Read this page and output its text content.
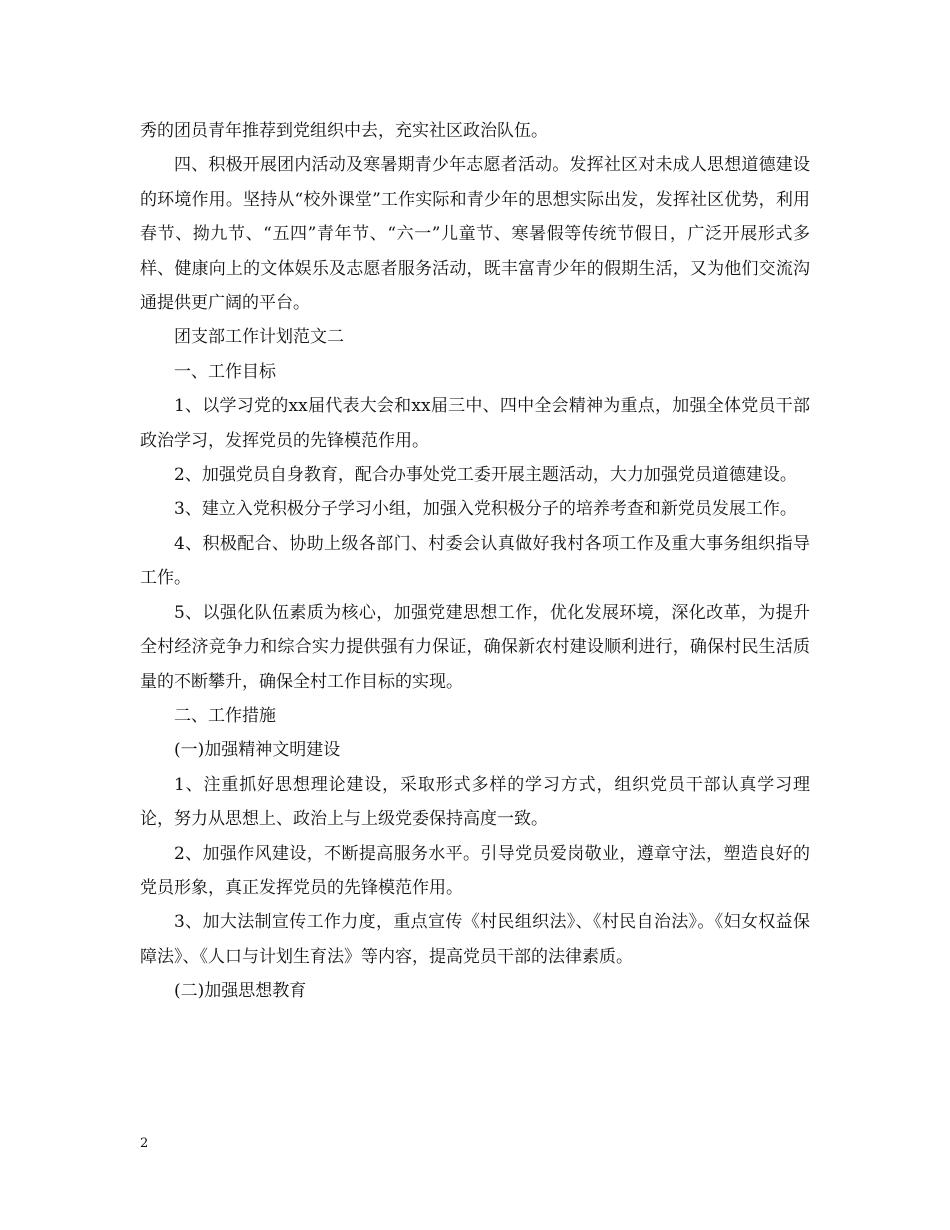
秀的团员青年推荐到党组织中去，充实社区政治队伍。

四、积极开展团内活动及寒暑期青少年志愿者活动。发挥社区对未成人思想道德建设的环境作用。坚持从“校外课堂”工作实际和青少年的思想实际出发，发挥社区优势，利用春节、拗九节、“五四”青年节、“六一”儿童节、寒暑假等传统节假日，广泛开展形式多样、健康向上的文体娱乐及志愿者服务活动，既丰富青少年的假期生活，又为他们交流沟通提供更广阔的平台。

团支部工作计划范文二

一、工作目标

1、以学习党的xx届代表大会和xx届三中、四中全会精神为重点，加强全体党员干部政治学习，发挥党员的先锋模范作用。

2、加强党员自身教育，配合办事处党工委开展主题活动，大力加强党员道德建设。

3、建立入党积极分子学习小组，加强入党积极分子的培养考查和新党员发展工作。

4、积极配合、协助上级各部门、村委会认真做好我村各项工作及重大事务组织指导工作。

5、以强化队伍素质为核心，加强党建思想工作，优化发展环境，深化改革，为提升全村经济竞争力和综合实力提供强有力保证，确保新农村建设顺利进行，确保村民生活质量的不断攀升，确保全村工作目标的实现。

二、工作措施

(一)加强精神文明建设

1、注重抓好思想理论建设，采取形式多样的学习方式，组织党员干部认真学习理论，努力从思想上、政治上与上级党委保持高度一致。

2、加强作风建设，不断提高服务水平。引导党员爱岗敬业，遵章守法，塑造良好的党员形象，真正发挥党员的先锋模范作用。

3、加大法制宣传工作力度，重点宣传《村民组织法》、《村民自治法》。《妇女权益保障法》、《人口与计划生育法》等内容，提高党员干部的法律素质。

(二)加强思想教育

2
